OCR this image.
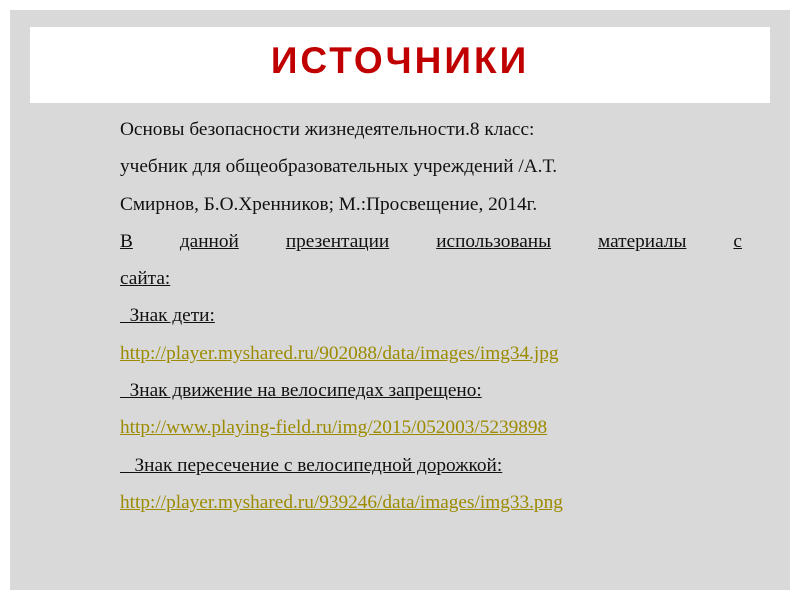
ИСТОЧНИКИ
Основы безопасности жизнедеятельности.8 класс:
учебник для общеобразовательных учреждений /А.Т.
Смирнов, Б.О.Хренников; М.:Просвещение, 2014г.
В данной презентации использованы материалы с
сайта:
Знак дети:
http://player.myshared.ru/902088/data/images/img34.jpg
Знак движение на велосипедах запрещено:
http://www.playing-field.ru/img/2015/052003/5239898
Знак пересечение с велосипедной дорожкой:
http://player.myshared.ru/939246/data/images/img33.png
